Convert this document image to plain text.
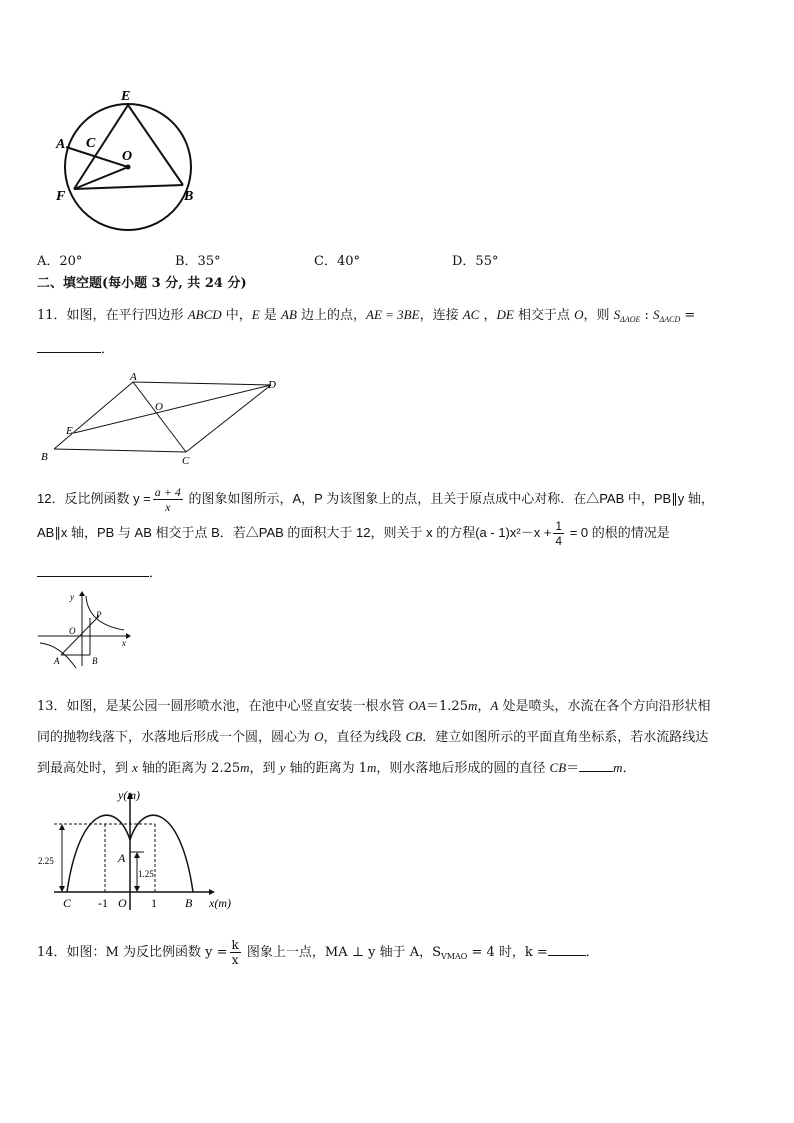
E
A C
O
F	B
A．20°	B．35°	C．40°	D．55°
二、填空题(每小题 3 分, 共 24 分)
11．如图，在平行四边形 ABCD 中，E 是 AB 边上的点，AE = 3BE，连接 AC ，DE 相交于点 O，则 $S_{\Delta AOE}$ : $S_{\Delta ACD}$ =
．
A
D
O
E
B	C
12．反比例函数 $y = \frac{a + 4}{x}$ 的图象如图所示，A，P 为该图象上的点，且关于原点成中心对称．在△PAB 中，PB∥y 轴，
AB∥x 轴，PB 与 AB 相交于点 B．若△PAB 的面积大于 12，则关于 x 的方程$(a - 1)x^2-x + \frac{1}{4} = 0$ 的根的情况是
．
y
P
O
x
A	B
13．如图，是某公园一圆形喷水池，在池中心竖直安装一根水管 OA＝1.25m，A 处是喷头，水流在各个方向沿形状相
同的抛物线落下，水落地后形成一个圆，圆心为 O，直径为线段 CB．建立如图所示的平面直角坐标系，若水流路线达
到最高处时，到 x 轴的距离为 2.25m，到 y 轴的距离为 1m，则水落地后形成的圆的直径 CB＝	m．
y(m)
2.25	A
1.25
C -1 O 1 B x(m)
14．如图：M 为反比例函数 $y = \frac{k}{x}$ 图象上一点，MA ⊥ y 轴于 A，$S_{VMAO} = 4$ 时，k =	．
